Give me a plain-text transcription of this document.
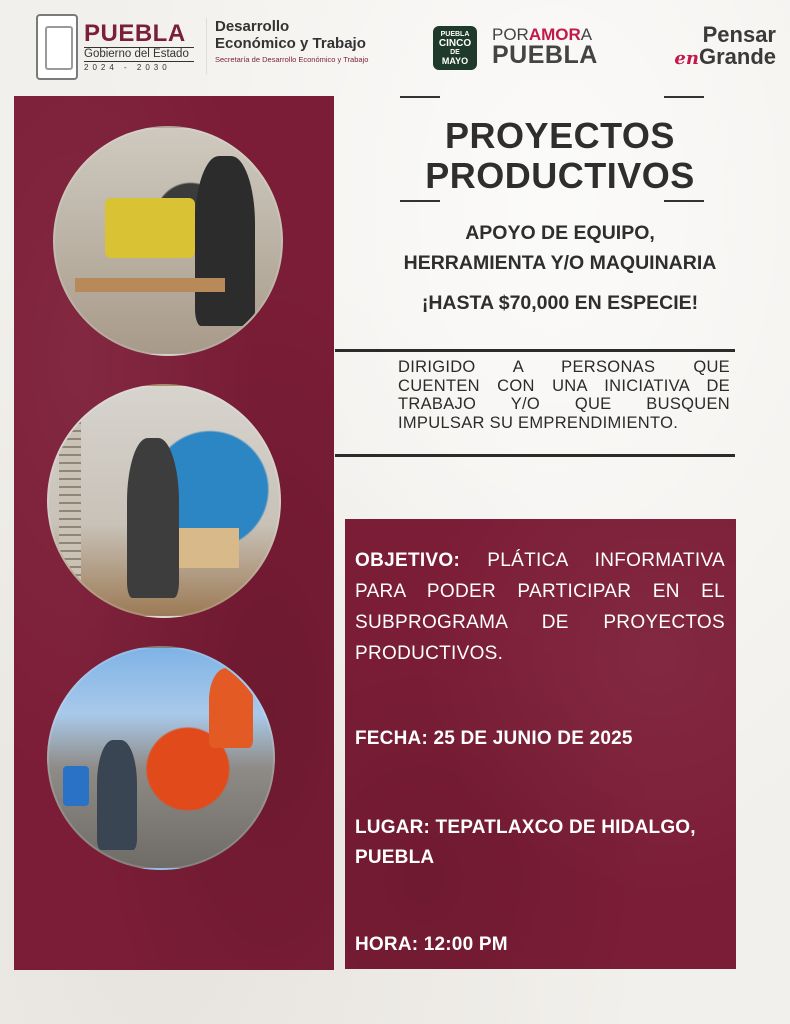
PUEBLA
Gobierno del Estado
2024 - 2030
Desarrollo
Económico y Trabajo
Secretaría de Desarrollo Económico y Trabajo
PUEBLA
CINCO
DE
MAYO
PORAMORA
PUEBLA
Pensar
enGrande
PROYECTOS
PRODUCTIVOS
APOYO DE EQUIPO,
HERRAMIENTA Y/O MAQUINARIA
¡HASTA $70,000 EN ESPECIE!
DIRIGIDO A PERSONAS QUE
CUENTEN CON UNA INICIATIVA DE
TRABAJO Y/O QUE BUSQUEN
IMPULSAR SU EMPRENDIMIENTO.
OBJETIVO: PLÁTICA INFORMATIVA PARA PODER PARTICIPAR EN EL SUBPROGRAMA DE PROYECTOS PRODUCTIVOS.
FECHA: 25 DE JUNIO DE 2025
LUGAR: TEPATLAXCO DE HIDALGO,
PUEBLA
HORA: 12:00 PM
